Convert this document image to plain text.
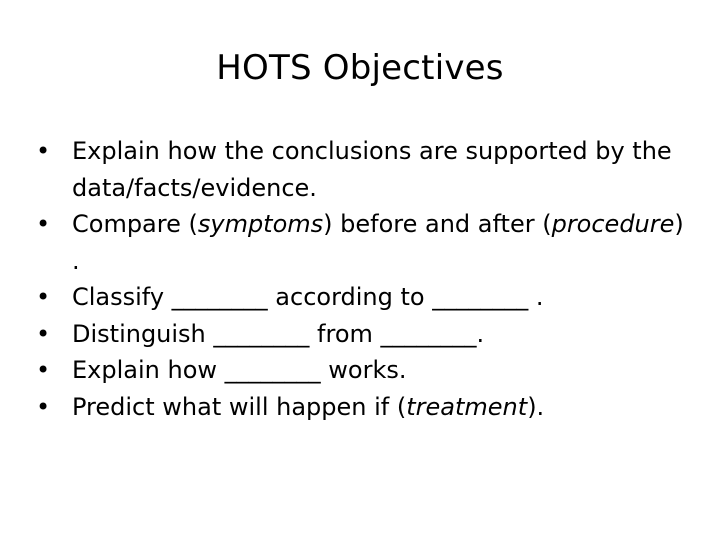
HOTS Objectives
• Explain how the conclusions are supported by the data/facts/evidence.
• Compare (symptoms) before and after (procedure) .
• Classify ________ according to ________ .
• Distinguish ________ from ________.
• Explain how ________ works.
• Predict what will happen if (treatment).
